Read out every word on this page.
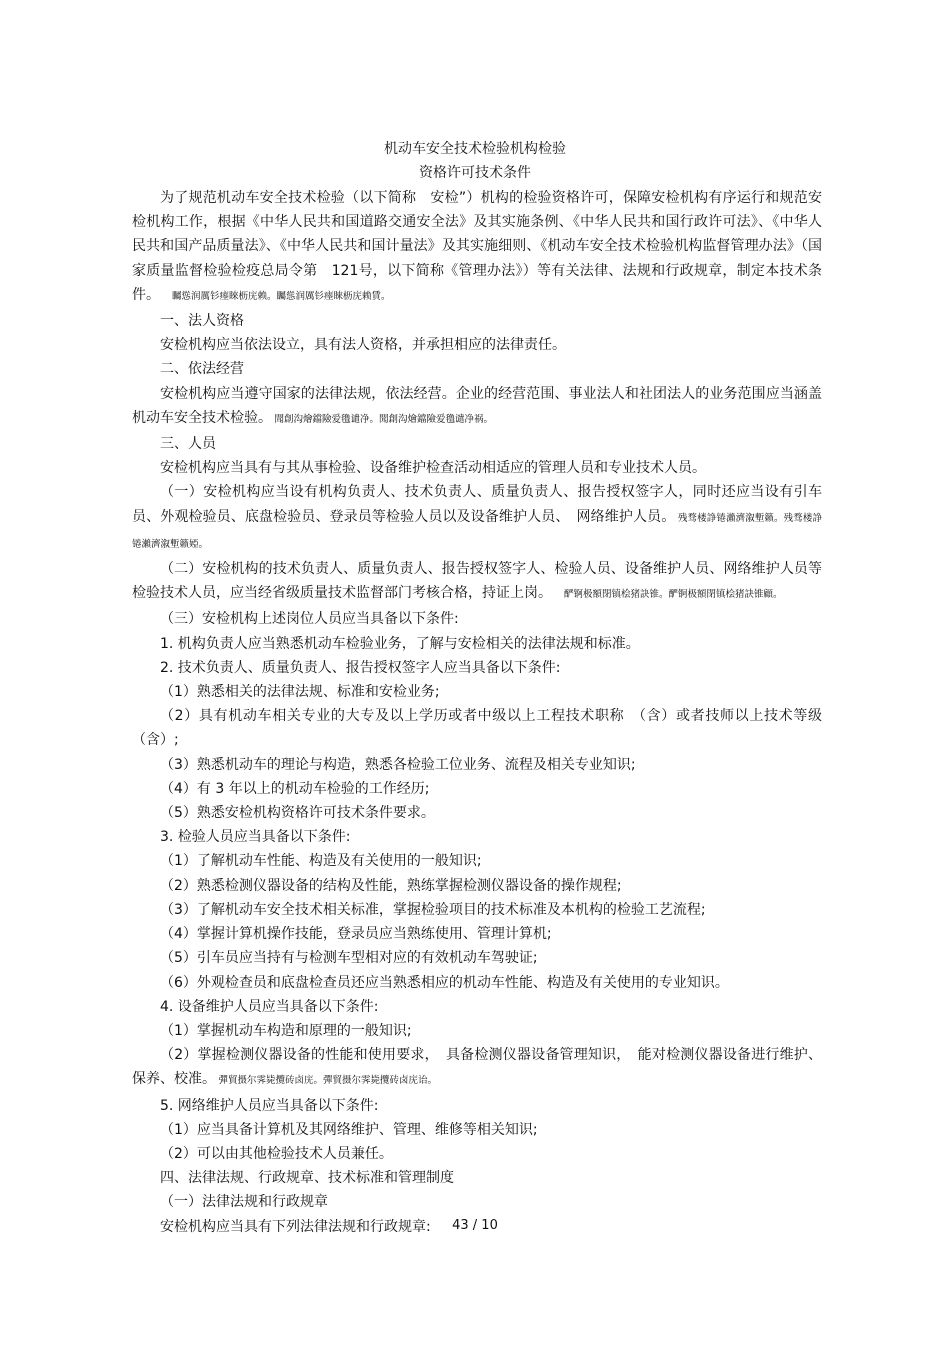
机动车安全技术检验机构检验
资格许可技术条件

为了规范机动车安全技术检验（以下简称　安检”）机构的检验资格许可，保障安检机构有序运行和规范安检机构工作，根据《中华人民共和国道路交通安全法》及其实施条例、《中华人民共和国行政许可法》、《中华人民共和国产品质量法》、《中华人民共和国计量法》及其实施细则、《机动车安全技术检验机构监督管理办法》（国家质量监督检验检疫总局令第　121号，以下简称《管理办法》）等有关法律、法规和行政规章，制定本技术条件。　　矚慫润厲钐瘗睞枥庑赖。矚慫润厲钐瘗睞枥庑赖賃。

一、法人资格

安检机构应当依法设立，具有法人资格，并承担相应的法律责任。

二、依法经营

安检机构应当遵守国家的法律法规，依法经营。企业的经营范围、事业法人和社团法人的业务范围应当涵盖机动车安全技术检验。　聞創沟燴鐺險爱氇谴净。聞創沟燴鐺險爱氇谴净祸。

三、人员

安检机构应当具有与其从事检验、设备维护检查活动相适应的管理人员和专业技术人员。

（一）安检机构应当设有机构负责人、技术负责人、质量负责人、报告授权签字人，同时还应当设有引车员、外观检验员、底盘检验员、登录员等检验人员以及设备维护人员、　网络维护人员。　残骛楼諍锩瀨濟溆塹籟。残骛楼諍锩瀨濟溆塹籟婭。

（二）安检机构的技术负责人、质量负责人、报告授权签字人、检验人员、设备维护人员、网络维护人员等检验技术人员，应当经省级质量技术监督部门考核合格，持证上岗。　　酽锕极額閉镇桧猪訣锥。酽锕极額閉镇桧猪訣锥顧。

（三）安检机构上述岗位人员应当具备以下条件:

1. 机构负责人应当熟悉机动车检验业务，了解与安检相关的法律法规和标准。

2. 技术负责人、质量负责人、报告授权签字人应当具备以下条件:

（1）熟悉相关的法律法规、标准和安检业务;

（2）具有机动车相关专业的大专及以上学历或者中级以上工程技术职称　（含）或者技师以上技术等级（含）;

（3）熟悉机动车的理论与构造，熟悉各检验工位业务、流程及相关专业知识;

（4）有 3 年以上的机动车检验的工作经历;

（5）熟悉安检机构资格许可技术条件要求。

3. 检验人员应当具备以下条件:

（1）了解机动车性能、构造及有关使用的一般知识;

（2）熟悉检测仪器设备的结构及性能，熟练掌握检测仪器设备的操作规程;

（3）了解机动车安全技术相关标准，掌握检验项目的技术标准及本机构的检验工艺流程;

（4）掌握计算机操作技能，登录员应当熟练使用、管理计算机;

（5）引车员应当持有与检测车型相对应的有效机动车驾驶证;

（6）外观检查员和底盘检查员还应当熟悉相应的机动车性能、构造及有关使用的专业知识。

4. 设备维护人员应当具备以下条件:

（1）掌握机动车构造和原理的一般知识;

（2）掌握检测仪器设备的性能和使用要求，　具备检测仪器设备管理知识，　能对检测仪器设备进行维护、保养、校准。　彈貿摄尔霁毙攬砖卤庑。彈貿摄尔霁毙攬砖卤庑诒。

5. 网络维护人员应当具备以下条件:

（1）应当具备计算机及其网络维护、管理、维修等相关知识;

（2）可以由其他检验技术人员兼任。

四、法律法规、行政规章、技术标准和管理制度

（一）法律法规和行政规章

安检机构应当具有下列法律法规和行政规章:	43 / 10
